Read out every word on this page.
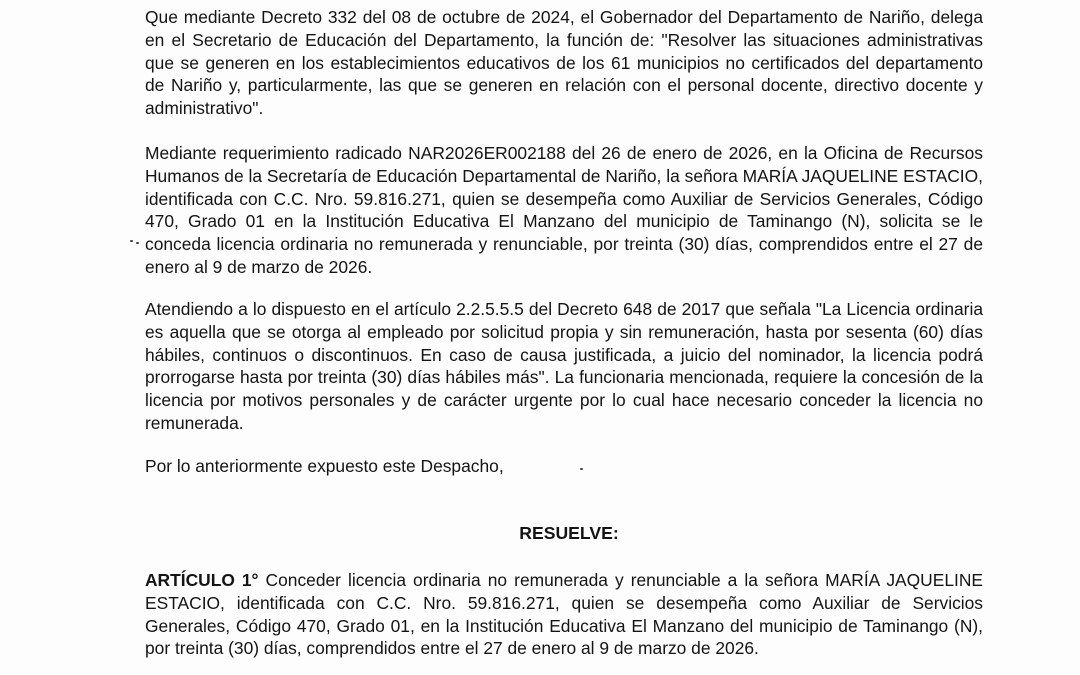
Que mediante Decreto 332 del 08 de octubre de 2024, el Gobernador del Departamento de Nariño, delega en el Secretario de Educación del Departamento, la función de: "Resolver las situaciones administrativas que se generen en los establecimientos educativos de los 61 municipios no certificados del departamento de Nariño y, particularmente, las que se generen en relación con el personal docente, directivo docente y administrativo".
Mediante requerimiento radicado NAR2026ER002188 del 26 de enero de 2026, en la Oficina de Recursos Humanos de la Secretaría de Educación Departamental de Nariño, la señora MARÍA JAQUELINE ESTACIO, identificada con C.C. Nro. 59.816.271, quien se desempeña como Auxiliar de Servicios Generales, Código 470, Grado 01 en la Institución Educativa El Manzano del municipio de Taminango (N), solicita se le conceda licencia ordinaria no remunerada y renunciable, por treinta (30) días, comprendidos entre el 27 de enero al 9 de marzo de 2026.
Atendiendo a lo dispuesto en el artículo 2.2.5.5.5 del Decreto 648 de 2017 que señala "La Licencia ordinaria es aquella que se otorga al empleado por solicitud propia y sin remuneración, hasta por sesenta (60) días hábiles, continuos o discontinuos. En caso de causa justificada, a juicio del nominador, la licencia podrá prorrogarse hasta por treinta (30) días hábiles más". La funcionaria mencionada, requiere la concesión de la licencia por motivos personales y de carácter urgente por lo cual hace necesario conceder la licencia no remunerada.
Por lo anteriormente expuesto este Despacho,
RESUELVE:
ARTÍCULO 1° Conceder licencia ordinaria no remunerada y renunciable a la señora MARÍA JAQUELINE ESTACIO, identificada con C.C. Nro. 59.816.271, quien se desempeña como Auxiliar de Servicios Generales, Código 470, Grado 01, en la Institución Educativa El Manzano del municipio de Taminango (N), por treinta (30) días, comprendidos entre el 27 de enero al 9 de marzo de 2026.
